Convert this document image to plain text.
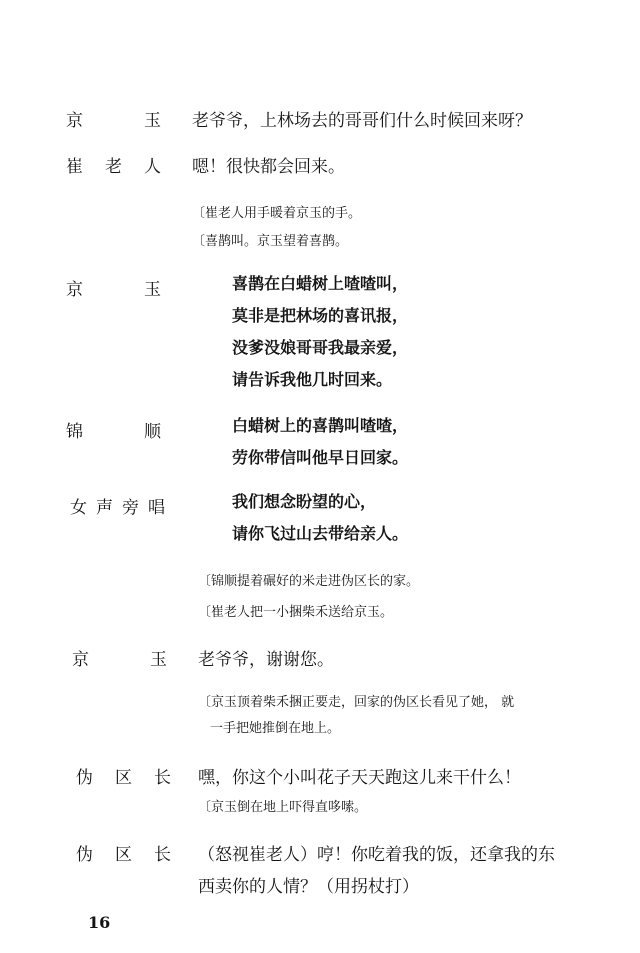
京	玉 老爷爷，上林场去的哥哥们什么时候回来呀？
崔 老 人 嗯！很快都会回来。
〔崔老人用手暖着京玉的手。
〔喜鹊叫。京玉望着喜鹊。
京	玉	喜鹊在白蜡树上喳喳叫，
莫非是把林场的喜讯报，
没爹没娘哥哥我最亲爱，
请告诉我他几时回来。
锦	顺	白蜡树上的喜鹊叫喳喳，
劳你带信叫他早日回家。
女 声 旁 唱	我们想念盼望的心，
请你飞过山去带给亲人。
〔锦顺提着碾好的米走进伪区长的家。
〔崔老人把一小捆柴禾送给京玉。
京	玉 老爷爷，谢谢您。
〔京玉顶着柴禾捆正要走，回家的伪区长看见了她， 就
一手把她推倒在地上。
伪 区 长 嘿，你这个小叫花子天天跑这儿来干什么！
〔京玉倒在地上吓得直哆嗦。
伪 区 长 （怒视崔老人）哼！你吃着我的饭，还拿我的东
西卖你的人情？（用拐杖打）
16
